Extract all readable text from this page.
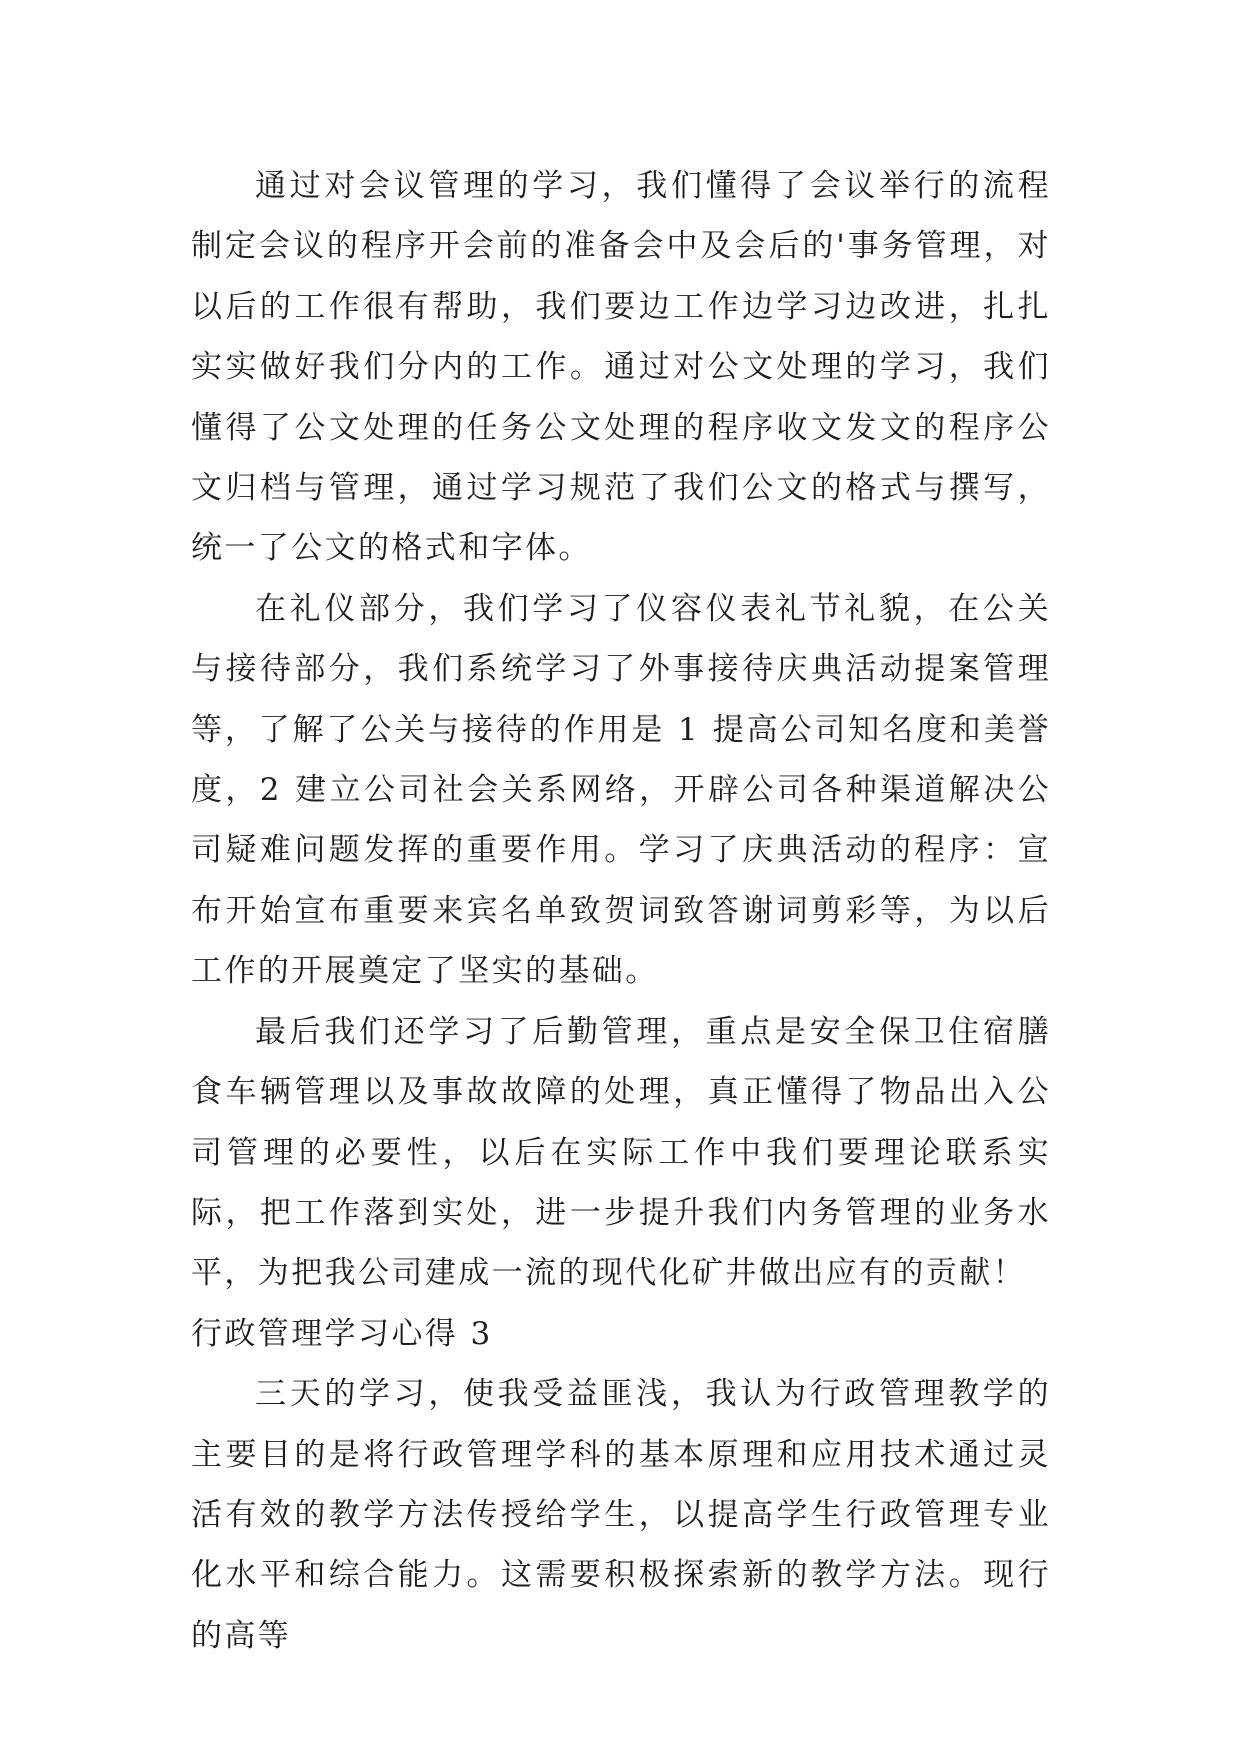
通过对会议管理的学习，我们懂得了会议举行的流程制定会议的程序开会前的准备会中及会后的'事务管理，对以后的工作很有帮助，我们要边工作边学习边改进，扎扎实实做好我们分内的工作。通过对公文处理的学习，我们懂得了公文处理的任务公文处理的程序收文发文的程序公文归档与管理，通过学习规范了我们公文的格式与撰写，统一了公文的格式和字体。

在礼仪部分，我们学习了仪容仪表礼节礼貌，在公关与接待部分，我们系统学习了外事接待庆典活动提案管理等，了解了公关与接待的作用是 1 提高公司知名度和美誉度，2 建立公司社会关系网络，开辟公司各种渠道解决公司疑难问题发挥的重要作用。学习了庆典活动的程序：宣布开始宣布重要来宾名单致贺词致答谢词剪彩等，为以后工作的开展奠定了坚实的基础。

最后我们还学习了后勤管理，重点是安全保卫住宿膳食车辆管理以及事故故障的处理，真正懂得了物品出入公司管理的必要性，以后在实际工作中我们要理论联系实际，把工作落到实处，进一步提升我们内务管理的业务水平，为把我公司建成一流的现代化矿井做出应有的贡献！

行政管理学习心得 3

三天的学习，使我受益匪浅，我认为行政管理教学的主要目的是将行政管理学科的基本原理和应用技术通过灵活有效的教学方法传授给学生，以提高学生行政管理专业化水平和综合能力。这需要积极探索新的教学方法。现行的高等
